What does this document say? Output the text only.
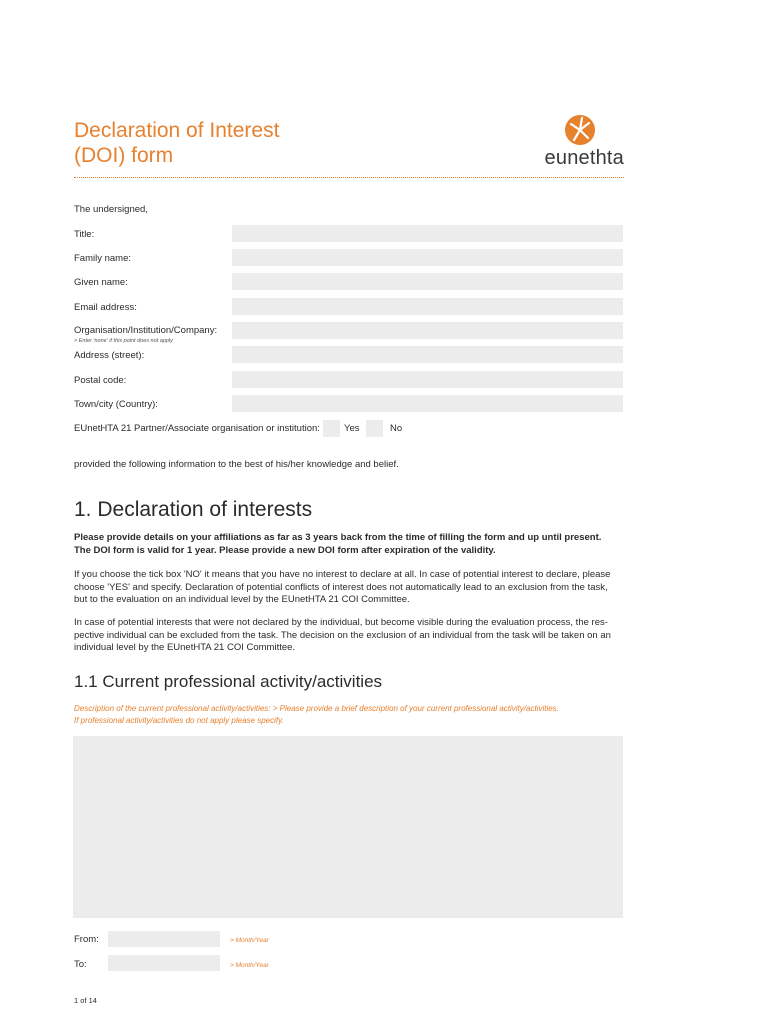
Declaration of Interest
(DOI) form	eunethta
The undersigned,
Title:
Family name:
Given name:
Email address:
Organisation/Institution/Company:
> Enter 'none' if this point does not apply
Address (street):
Postal code:
Town/city (Country):
EUnetHTA 21 Partner/Associate organisation or institution:	Yes	No
provided the following information to the best of his/her knowledge and belief.
1. Declaration of interests
Please provide details on your affiliations as far as 3 years back from the time of filling the form and up until present.
The DOI form is valid for 1 year. Please provide a new DOI form after expiration of the validity.
If you choose the tick box 'NO' it means that you have no interest to declare at all. In case of potential interest to declare, please
choose 'YES' and specify. Declaration of potential conflicts of interest does not automatically lead to an exclusion from the task,
but to the evaluation on an individual level by the EUnetHTA 21 COI Committee.
In case of potential interests that were not declared by the individual, but become visible during the evaluation process, the res-
pective individual can be excluded from the task. The decision on the exclusion of an individual from the task will be taken on an
individual level by the EUnetHTA 21 COI Committee.
1.1 Current professional activity/activities
Description of the current professional activity/activities: > Please provide a brief description of your current professional activity/activities.
If professional activity/activities do not apply please specify.
From:	> Month/Year
To:	> Month/Year
1 of 14
